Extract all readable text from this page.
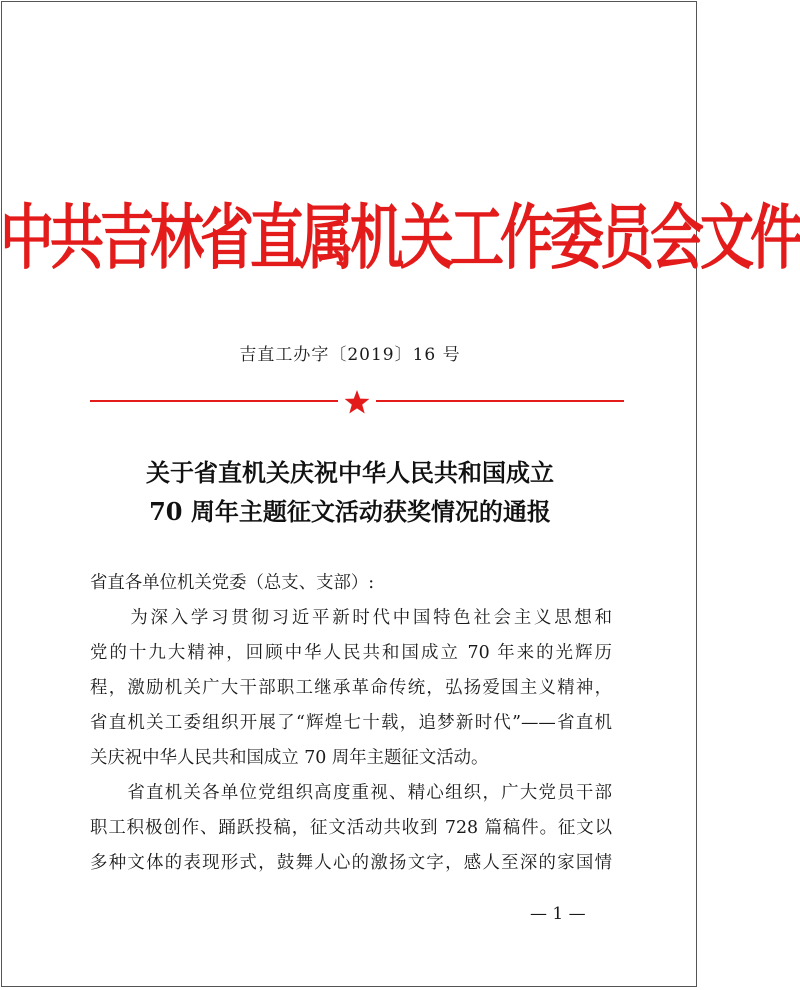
中共吉林省直属机关工作委员会文件
吉直工办字〔2019〕16 号
关于省直机关庆祝中华人民共和国成立
70 周年主题征文活动获奖情况的通报
省直各单位机关党委（总支、支部）:
　　为深入学习贯彻习近平新时代中国特色社会主义思想和
党的十九大精神，回顾中华人民共和国成立 70 年来的光辉历
程，激励机关广大干部职工继承革命传统，弘扬爱国主义精神，
省直机关工委组织开展了“辉煌七十载，追梦新时代”——省直机
关庆祝中华人民共和国成立 70 周年主题征文活动。
　　省直机关各单位党组织高度重视、精心组织，广大党员干部
职工积极创作、踊跃投稿，征文活动共收到 728 篇稿件。征文以
多种文体的表现形式，鼓舞人心的激扬文字，感人至深的家国情
— 1 —
